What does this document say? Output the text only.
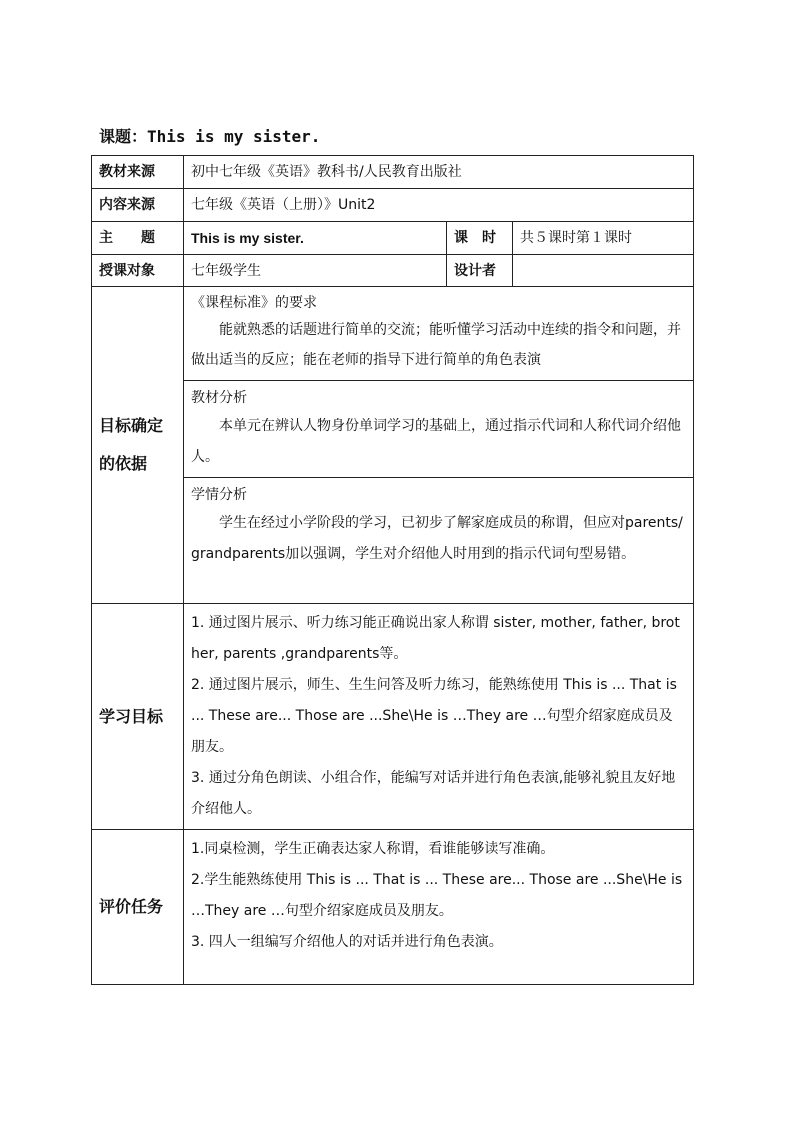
课题：This is my sister.
教材来源	初中七年级《英语》教科书/人民教育出版社		
内容来源	七年级《英语（上册）》Unit2		
主　　题	This is my sister.	课　时	共５课时第１课时
授课对象	七年级学生	设计者	
目标确定的依据	《课程标准》的要求
能就熟悉的话题进行简单的交流；能听懂学习活动中连续的指令和问题，并做出适当的反应；能在老师的指导下进行简单的角色表演		

	教材分析
本单元在辨认人物身份单词学习的基础上，通过指示代词和人称代词介绍他人。		

	学情分析
学生在经过小学阶段的学习，已初步了解家庭成员的称谓，但应对parents/grandparents加以强调，学生对介绍他人时用到的指示代词句型易错。		

学习目标	1. 通过图片展示、听力练习能正确说出家人称谓 sister, mother, father, brother, parents ,grandparents等。
2. 通过图片展示，师生、生生问答及听力练习，能熟练使用 This is ... That is ... These are... Those are ...She\He is …They are …句型介绍家庭成员及朋友。
3. 通过分角色朗读、小组合作，能编写对话并进行角色表演,能够礼貌且友好地介绍他人。		

评价任务	1.同桌检测，学生正确表达家人称谓，看谁能够读写准确。
2.学生能熟练使用 This is ... That is ... These are... Those are ...She\He is …They are …句型介绍家庭成员及朋友。
3. 四人一组编写介绍他人的对话并进行角色表演。		
